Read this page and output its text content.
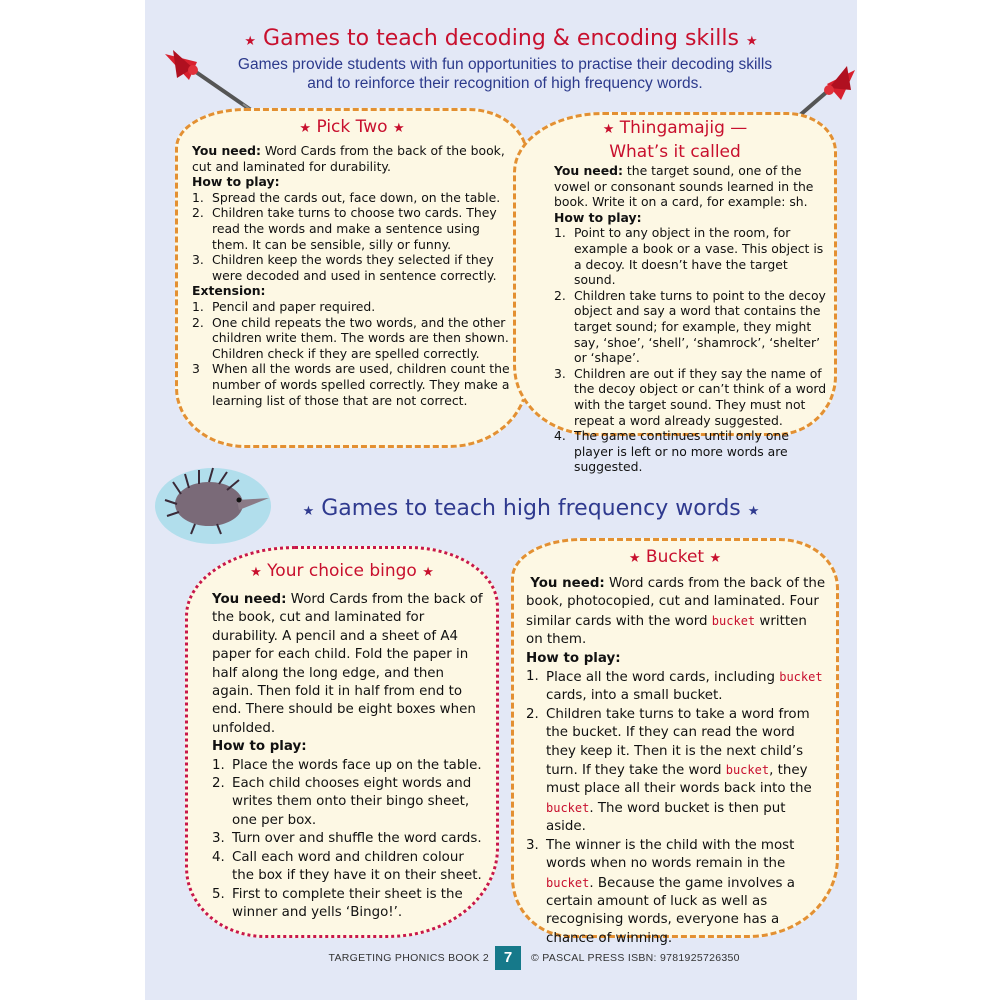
★ Games to teach decoding & encoding skills ★
Games provide students with fun opportunities to practise their decoding skills and to reinforce their recognition of high frequency words.
★ Pick Two ★
You need: Word Cards from the back of the book, cut and laminated for durability.
How to play:
1. Spread the cards out, face down, on the table.
2. Children take turns to choose two cards. They read the words and make a sentence using them. It can be sensible, silly or funny.
3. Children keep the words they selected if they were decoded and used in sentence correctly.
Extension:
1. Pencil and paper required.
2. One child repeats the two words, and the other children write them. The words are then shown. Children check if they are spelled correctly.
3 When all the words are used, children count the number of words spelled correctly. They make a learning list of those that are not correct.
★ Thingamajig —
What’s it called
You need: the target sound, one of the vowel or consonant sounds learned in the book. Write it on a card, for example: sh.
How to play:
1. Point to any object in the room, for example a book or a vase. This object is a decoy. It doesn’t have the target sound.
2. Children take turns to point to the decoy object and say a word that contains the target sound; for example, they might say, ‘shoe’, ‘shell’, ‘shamrock’, ‘shelter’ or ‘shape’.
3. Children are out if they say the name of the decoy object or can’t think of a word with the target sound. They must not repeat a word already suggested.
4. The game continues until only one player is left or no more words are suggested.
★ Games to teach high frequency words ★
★ Your choice bingo ★
You need: Word Cards from the back of the book, cut and laminated for durability. A pencil and a sheet of A4 paper for each child. Fold the paper in half along the long edge, and then again. Then fold it in half from end to end. There should be eight boxes when unfolded.
How to play:
1. Place the words face up on the table.
2. Each child chooses eight words and writes them onto their bingo sheet, one per box.
3. Turn over and shuffle the word cards.
4. Call each word and children colour the box if they have it on their sheet.
5. First to complete their sheet is the winner and yells ‘Bingo!’.
★ Bucket ★
You need: Word cards from the back of the book, photocopied, cut and laminated. Four similar cards with the word bucket written on them.
How to play:
1. Place all the word cards, including bucket cards, into a small bucket.
2. Children take turns to take a word from the bucket. If they can read the word they keep it. Then it is the next child’s turn. If they take the word bucket, they must place all their words back into the bucket. The word bucket is then put aside.
3. The winner is the child with the most words when no words remain in the bucket. Because the game involves a certain amount of luck as well as recognising words, everyone has a chance of winning.
TARGETING PHONICS BOOK 2 7	© PASCAL PRESS ISBN: 9781925726350
